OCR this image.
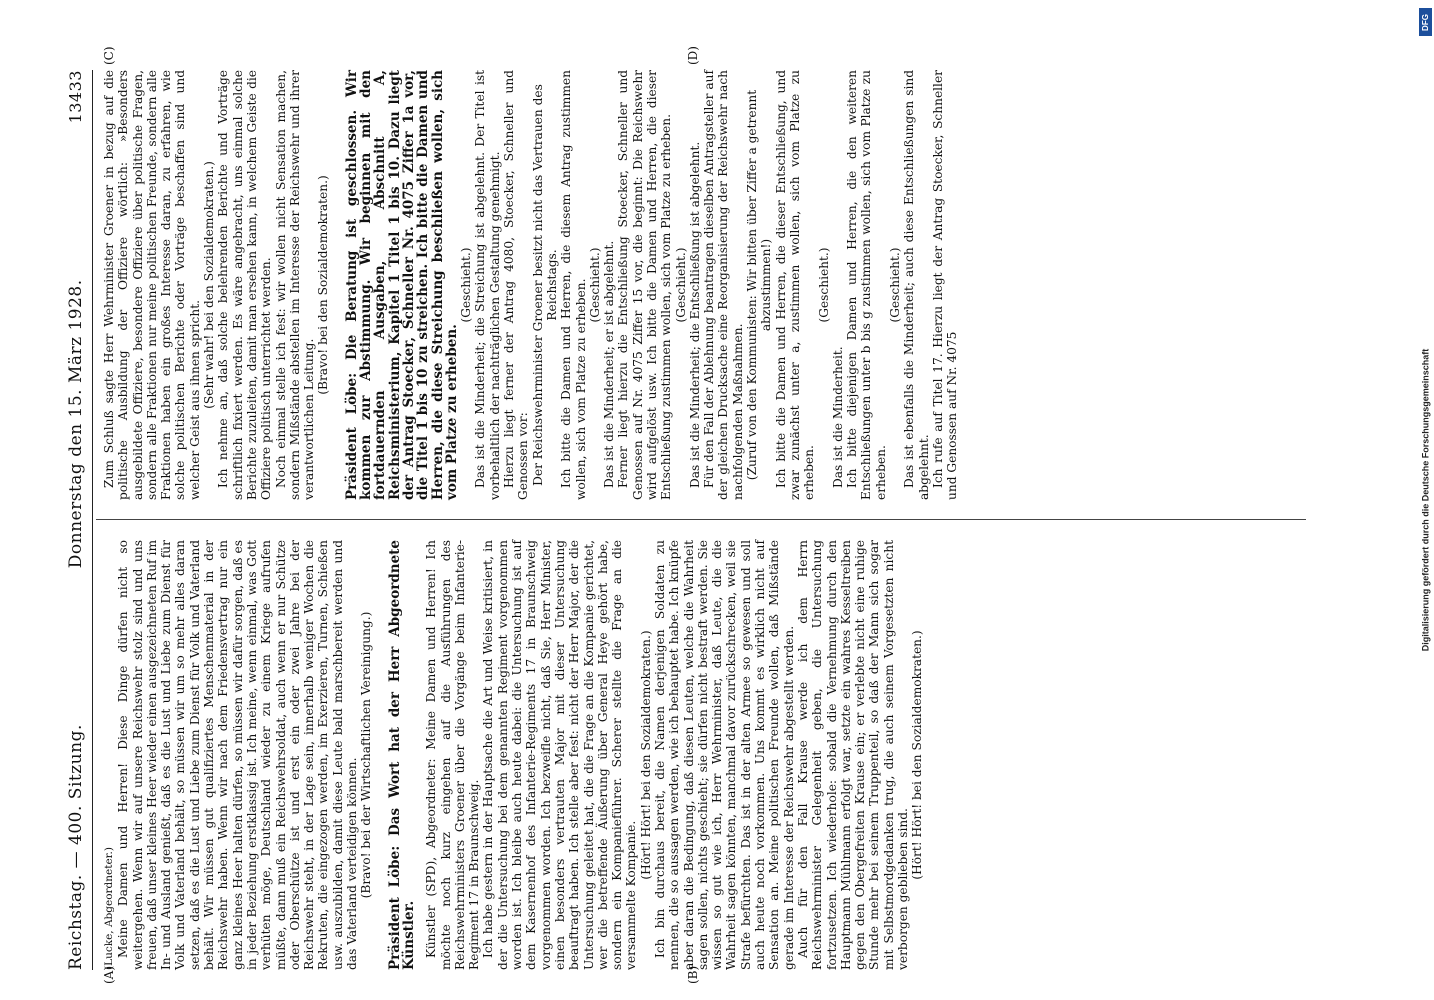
Reichstag. — 400. Sitzung.
Donnerstag den 15. März 1928.
13433

(Lucke, Abgeordneter.) Meine Damen und Herren! Diese Dinge dürfen nicht so weitergehen. Wenn wir auf unsere Reichswehr stolz sind und uns freuen, daß unser kleines Heer wieder einen ausgezeichneten Ruf im In- und Ausland genießt, daß es die Lust und Liebe zum Dienst für Volk und Vaterland behält, so müssen wir um so mehr alles daran setzen, daß es die Lust und Liebe zum Dienst für Volk und Vaterland behält. Wir müssen gut qualifiziertes Menschenmaterial in der Reichswehr haben. Wenn wir nach dem Friedensvertrag nur ein ganz kleines Heer halten dürfen, so müssen wir dafür sorgen, daß es in jeder Beziehung erstklassig ist. Ich meine, wenn einmal, was Gott verhüten möge, Deutschland wieder zu einem Kriege aufrufen müßte, dann muß ein Reichswehrsoldat, auch wenn er nur Schütze oder Oberschütze ist und erst ein oder zwei Jahre bei der Reichswehr steht, in der Lage sein, innerhalb weniger Wochen die Rekruten, die eingezogen werden, im Exerzieren, Turnen, Schießen usw. auszubilden, damit diese Leute bald marschbereit werden und das Vaterland verteidigen können. (Bravo! bei der Wirtschaftlichen Vereinigung.) Präsident Löbe: Das Wort hat der Herr Abgeordnete Künstler. Künstler (SPD), Abgeordneter: Meine Damen und Herren! Ich möchte noch kurz eingehen auf die Ausführungen des Reichswehrministers Groener über die Vorgänge beim Infanterie-Regiment 17 in Braunschweig. Ich habe gestern in der Hauptsache die Art und Weise kritisiert, in der die Untersuchung bei dem genannten Regiment vorgenommen worden ist. Ich bleibe auch heute dabei: die Untersuchung ist auf dem Kasernenhof des Infanterie-Regiments 17 in Braunschweig vorgenommen worden. Ich bezweifle nicht, daß Sie, Herr Minister, einen besonders vertrauten Major mit dieser Untersuchung beauftragt haben. Ich stelle aber fest: nicht der Herr Major, der die Untersuchung geleitet hat, die die Frage an die Kompanie gerichtet, wer die betreffende Äußerung über General Heye gehört habe, sondern ein Kompanieführer. Scherer stellte die Frage an die versammelte Kompanie.

(Hört! Hört! bei den Sozialdemokraten.) Ich bin durchaus bereit, die Namen derjenigen Soldaten zu nennen, die so aussagen werden, wie ich behauptet habe. Ich knüpfe aber daran die Bedingung, daß diesen Leuten, welche die Wahrheit sagen sollen, nichts geschieht; sie dürfen nicht bestraft werden. Sie wissen so gut wie ich, Herr Wehrminister, daß Leute, die die Wahrheit sagen könnten, manchmal davor zurückschrecken, weil sie Strafe befürchten. Das ist in der alten Armee so gewesen und soll auch heute noch vorkommen. Uns kommt es wirklich nicht auf Sensation an. Meine politischen Freunde wollen, daß Mißstände gerade im Interesse der Reichswehr abgestellt werden. Auch für den Fall Krause werde ich dem Herrn Reichswehrminister Gelegenheit geben, die Untersuchung fortzusetzen. Ich wiederhole: sobald die Vernehmung durch den Hauptmann Mühlmann erfolgt war, setzte ein wahres Kesseltreiben gegen den Obergefreiten Krause ein; er verlebte nicht eine ruhige Stunde mehr bei seinem Truppenteil, so daß der Mann sich sogar mit Selbstmordgedanken trug, die auch seinem Vorgesetzten nicht verborgen geblieben sind.

(Hört! Hört! bei den Sozialdemokraten.)

Zum Schluß sagte Herr Wehrminister Groener in bezug auf die politische Ausbildung der Offiziere wörtlich: »Besonders ausgebildete Offiziere, besondere Offiziere über politische Fragen, sondern alle Fraktionen nur meine politischen Freunde, sondern alle Fraktionen haben ein großes Interesse daran, zu erfahren, wie solche politischen Berichte oder Vorträge beschaffen sind und welcher Geist aus ihnen spricht. (Sehr wahr! bei den Sozialdemokraten.) Ich nehme an, daß solche belehrenden Berichte und Vorträge schriftlich fixiert werden. Es wäre angebracht, uns einmal solche Berichte zuzuleiten, damit man ersehen kann, in welchem Geiste die Offiziere politisch unterrichtet werden. Noch einmal stelle ich fest: wir wollen nicht Sensation machen, sondern Mißstände abstellen im Interesse der Reichswehr und ihrer verantwortlichen Leitung.

(Bravo! bei den Sozialdemokraten.) Präsident Löbe: Die Beratung ist geschlossen. Wir kommen zur Abstimmung. Wir beginnen mit den fortdauernden Ausgaben, Abschnitt A, Reichsministerium, Kapitel 1 Titel 1 bis 10. Dazu liegt der Antrag Stoecker, Schneller Nr. 4075 Ziffer 1a vor, die Titel 1 bis 10 zu streichen. Ich bitte die Damen und Herren, die diese Streichung beschließen wollen, sich vom Platze zu erheben.

(Geschieht.) Das ist die Minderheit; die Streichung ist abgelehnt. Der Titel ist vorbehaltlich der nachträglichen Gestaltung genehmigt. Hierzu liegt ferner der Antrag 4080, Stoecker, Schneller und Genossen vor: Der Reichswehrminister Groener besitzt nicht das Vertrauen des Reichstags. Ich bitte die Damen und Herren, die diesem Antrag zustimmen wollen, sich vom Platze zu erheben. (Geschieht.) Das ist die Minderheit; er ist abgelehnt. Ferner liegt hierzu die Entschließung Stoecker, Schneller und Genossen auf Nr. 4075 Ziffer 15 vor, die beginnt: Die Reichswehr wird aufgelöst usw. Ich bitte die Damen und Herren, die dieser Entschließung zustimmen wollen, sich vom Platze zu erheben. (Geschieht.) Das ist die Minderheit; die Entschließung ist abgelehnt. Für den Fall der Ablehnung beantragen dieselben Antragsteller auf der gleichen Drucksache eine Reorganisierung der Reichswehr nach nachfolgenden Maßnahmen. (Zuruf von den Kommunisten: Wir bitten über Ziffer a getrennt abzustimmen!) Ich bitte die Damen und Herren, die dieser Entschließung, und zwar zunächst unter a, zustimmen wollen, sich vom Platze zu erheben.

(Geschieht.)

Das ist die Minderheit. Ich bitte diejenigen Damen und Herren, die den weiteren Entschließungen unter b bis g zustimmen wollen, sich vom Platze zu erheben.

(Geschieht.) Das ist ebenfalls die Minderheit; auch diese Entschließungen sind abgelehnt. Ich rufe auf Titel 17. Hierzu liegt der Antrag Stoecker, Schneller und Genossen auf Nr. 4075

(A)	(B)
(C)	(D)
DFG
Digitalisierung gefördert durch die Deutsche Forschungsgemeinschaft
